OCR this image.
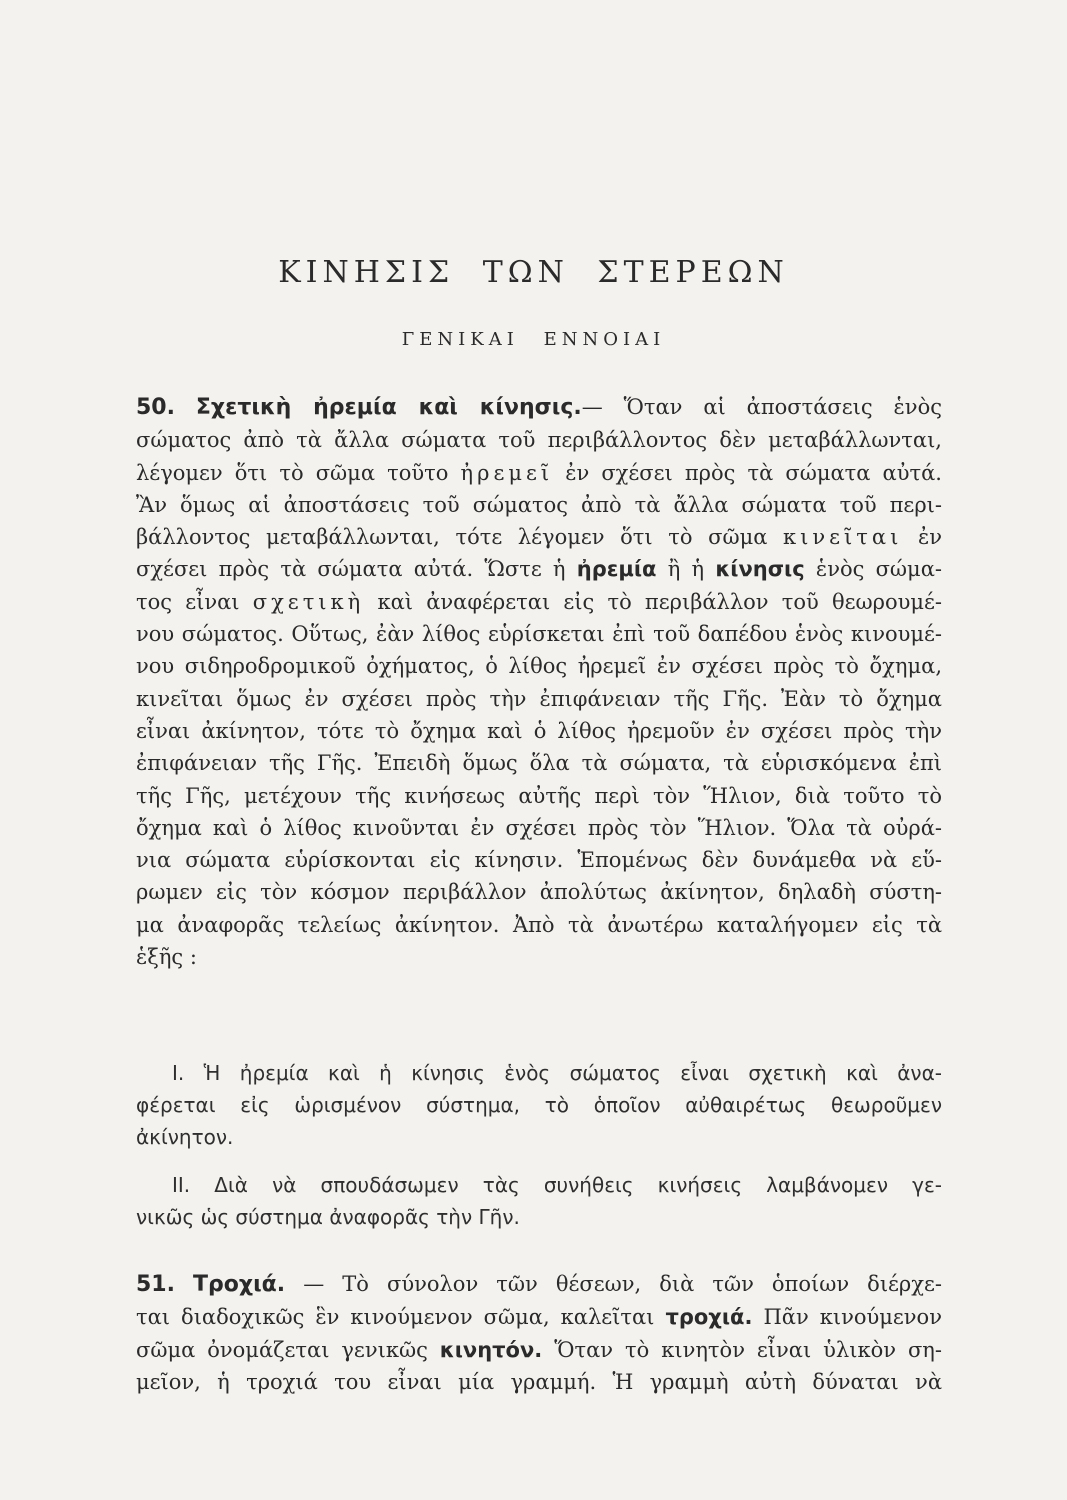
ΚΙΝΗΣΙΣ ΤΩΝ ΣΤΕΡΕΩΝ
ΓΕΝΙΚΑΙ ΕΝΝΟΙΑΙ
50. Σχετικὴ ἠρεμία καὶ κίνησις.— Ὅταν αἱ ἀποστάσεις ἑνὸς
σώματος ἀπὸ τὰ ἄλλα σώματα τοῦ περιβάλλοντος δὲν μεταβάλλωνται,
λέγομεν ὅτι τὸ σῶμα τοῦτο ἠρεμεῖ ἐν σχέσει πρὸς τὰ σώματα αὐτά.
Ἂν ὅμως αἱ ἀποστάσεις τοῦ σώματος ἀπὸ τὰ ἄλλα σώματα τοῦ περι-
βάλλοντος μεταβάλλωνται, τότε λέγομεν ὅτι τὸ σῶμα κινεῖται ἐν
σχέσει πρὸς τὰ σώματα αὐτά. Ὥστε ἡ ἠρεμία ἢ ἡ κίνησις ἑνὸς σώμα-
τος εἶναι σχετικὴ καὶ ἀναφέρεται εἰς τὸ περιβάλλον τοῦ θεωρουμέ-
νου σώματος. Οὕτως, ἐὰν λίθος εὑρίσκεται ἐπὶ τοῦ δαπέδου ἑνὸς κινουμέ-
νου σιδηροδρομικοῦ ὀχήματος, ὁ λίθος ἠρεμεῖ ἐν σχέσει πρὸς τὸ ὄχημα,
κινεῖται ὅμως ἐν σχέσει πρὸς τὴν ἐπιφάνειαν τῆς Γῆς. Ἐὰν τὸ ὄχημα
εἶναι ἀκίνητον, τότε τὸ ὄχημα καὶ ὁ λίθος ἠρεμοῦν ἐν σχέσει πρὸς τὴν
ἐπιφάνειαν τῆς Γῆς. Ἐπειδὴ ὅμως ὅλα τὰ σώματα, τὰ εὑρισκόμενα ἐπὶ
τῆς Γῆς, μετέχουν τῆς κινήσεως αὐτῆς περὶ τὸν Ἥλιον, διὰ τοῦτο τὸ
ὄχημα καὶ ὁ λίθος κινοῦνται ἐν σχέσει πρὸς τὸν Ἥλιον. Ὅλα τὰ οὐρά-
νια σώματα εὑρίσκονται εἰς κίνησιν. Ἑπομένως δὲν δυνάμεθα νὰ εὕ-
ρωμεν εἰς τὸν κόσμον περιβάλλον ἀπολύτως ἀκίνητον, δηλαδὴ σύστη-
μα ἀναφορᾶς τελείως ἀκίνητον. Ἀπὸ τὰ ἀνωτέρω καταλήγομεν εἰς τὰ
ἑξῆς :
I. Ἡ ἠρεμία καὶ ἡ κίνησις ἑνὸς σώματος εἶναι σχετικὴ καὶ ἀνα-
φέρεται εἰς ὡρισμένον σύστημα, τὸ ὁποῖον αὐθαιρέτως θεωροῦμεν
ἀκίνητον.
II. Διὰ νὰ σπουδάσωμεν τὰς συνήθεις κινήσεις λαμβάνομεν γε-
νικῶς ὡς σύστημα ἀναφορᾶς τὴν Γῆν.
51. Τροχιά. — Τὸ σύνολον τῶν θέσεων, διὰ τῶν ὁποίων διέρχε-
ται διαδοχικῶς ἓν κινούμενον σῶμα, καλεῖται τροχιά. Πᾶν κινούμενον
σῶμα ὀνομάζεται γενικῶς κινητόν. Ὅταν τὸ κινητὸν εἶναι ὑλικὸν ση-
μεῖον, ἡ τροχιά του εἶναι μία γραμμή. Ἡ γραμμὴ αὐτὴ δύναται νὰ
